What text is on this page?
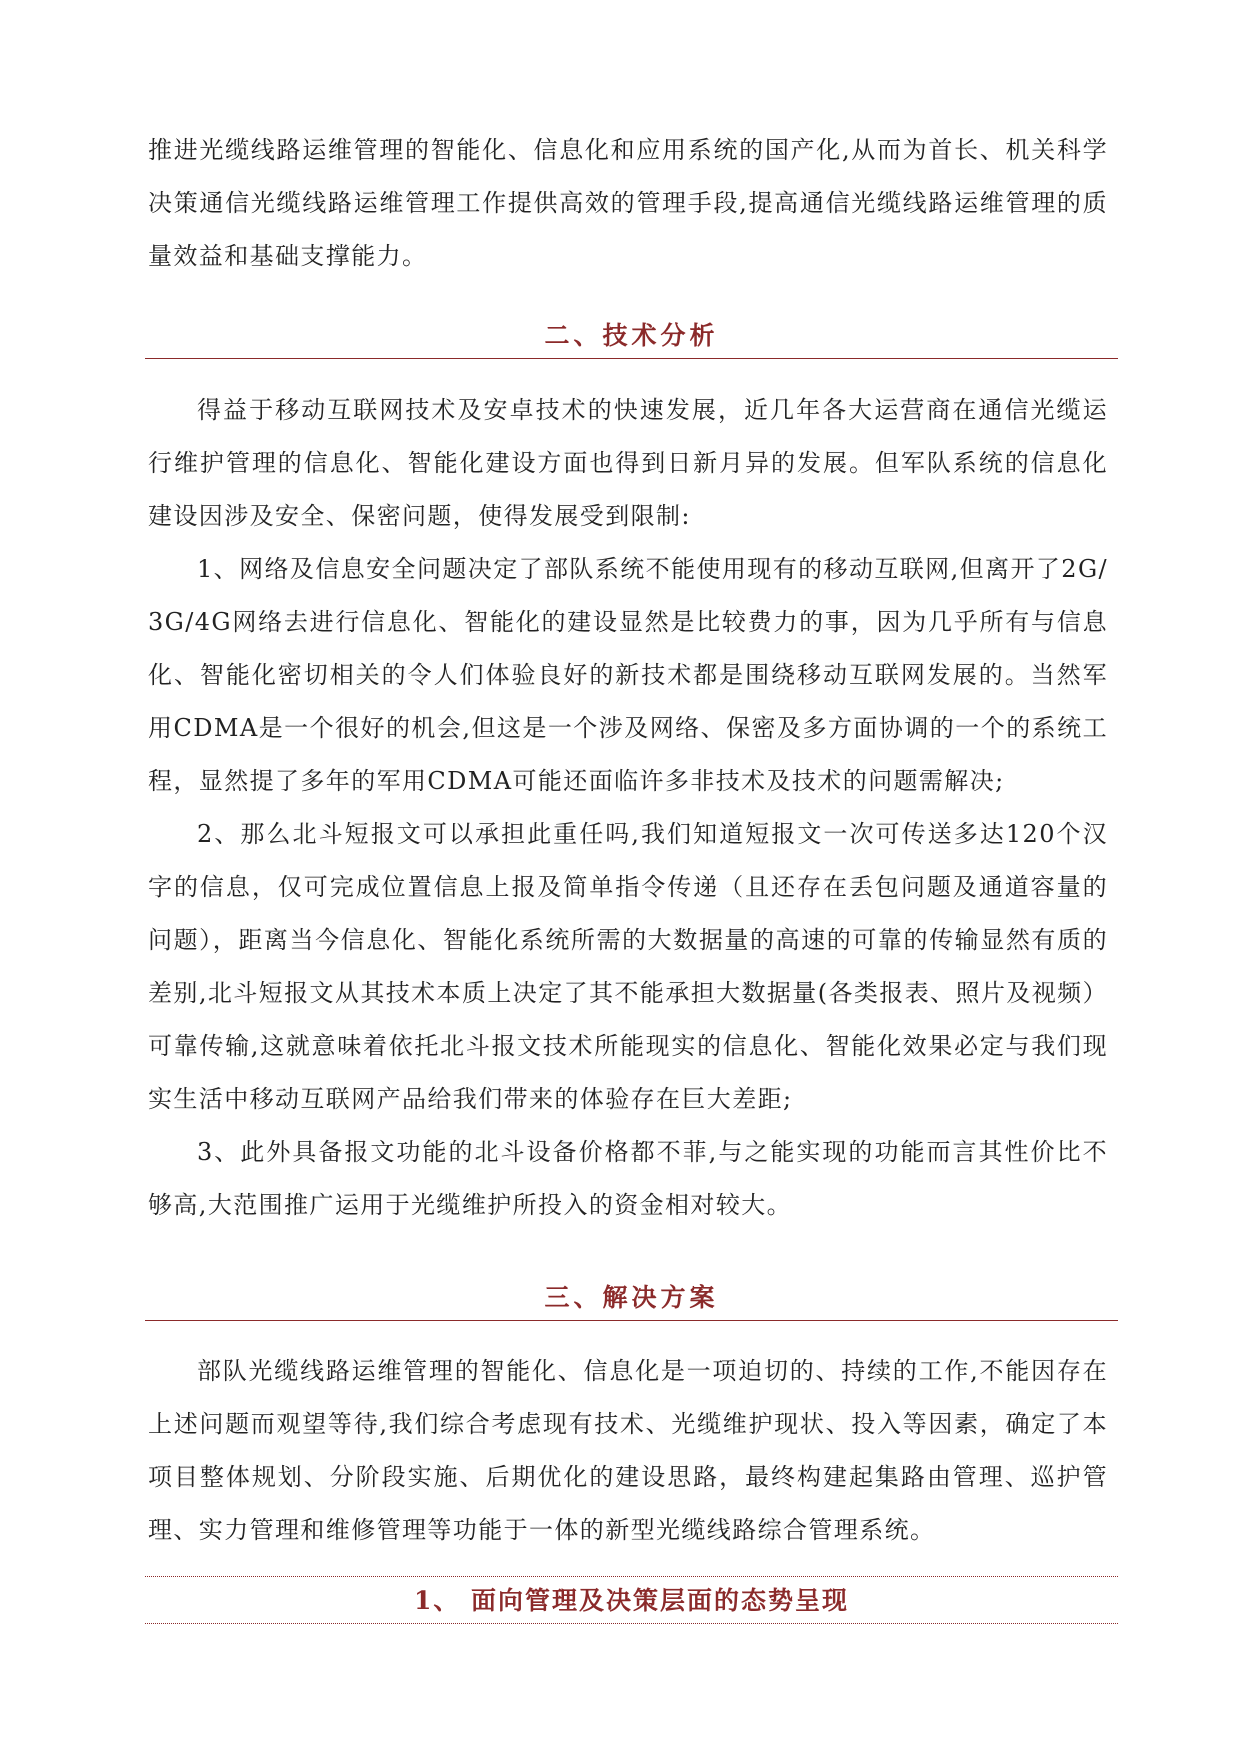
推进光缆线路运维管理的智能化、信息化和应用系统的国产化,从而为首长、机关科学决策通信光缆线路运维管理工作提供高效的管理手段,提高通信光缆线路运维管理的质量效益和基础支撑能力。

二、技术分析

得益于移动互联网技术及安卓技术的快速发展，近几年各大运营商在通信光缆运行维护管理的信息化、智能化建设方面也得到日新月异的发展。但军队系统的信息化建设因涉及安全、保密问题，使得发展受到限制:

1、网络及信息安全问题决定了部队系统不能使用现有的移动互联网,但离开了2G/3G/4G网络去进行信息化、智能化的建设显然是比较费力的事，因为几乎所有与信息化、智能化密切相关的令人们体验良好的新技术都是围绕移动互联网发展的。当然军用CDMA是一个很好的机会,但这是一个涉及网络、保密及多方面协调的一个的系统工程，显然提了多年的军用CDMA可能还面临许多非技术及技术的问题需解决;

2、那么北斗短报文可以承担此重任吗,我们知道短报文一次可传送多达120个汉字的信息，仅可完成位置信息上报及简单指令传递（且还存在丢包问题及通道容量的问题），距离当今信息化、智能化系统所需的大数据量的高速的可靠的传输显然有质的差别,北斗短报文从其技术本质上决定了其不能承担大数据量(各类报表、照片及视频）可靠传输,这就意味着依托北斗报文技术所能现实的信息化、智能化效果必定与我们现实生活中移动互联网产品给我们带来的体验存在巨大差距;

3、此外具备报文功能的北斗设备价格都不菲,与之能实现的功能而言其性价比不够高,大范围推广运用于光缆维护所投入的资金相对较大。

三、解决方案

部队光缆线路运维管理的智能化、信息化是一项迫切的、持续的工作,不能因存在上述问题而观望等待,我们综合考虑现有技术、光缆维护现状、投入等因素，确定了本项目整体规划、分阶段实施、后期优化的建设思路，最终构建起集路由管理、巡护管理、实力管理和维修管理等功能于一体的新型光缆线路综合管理系统。

1、 面向管理及决策层面的态势呈现
